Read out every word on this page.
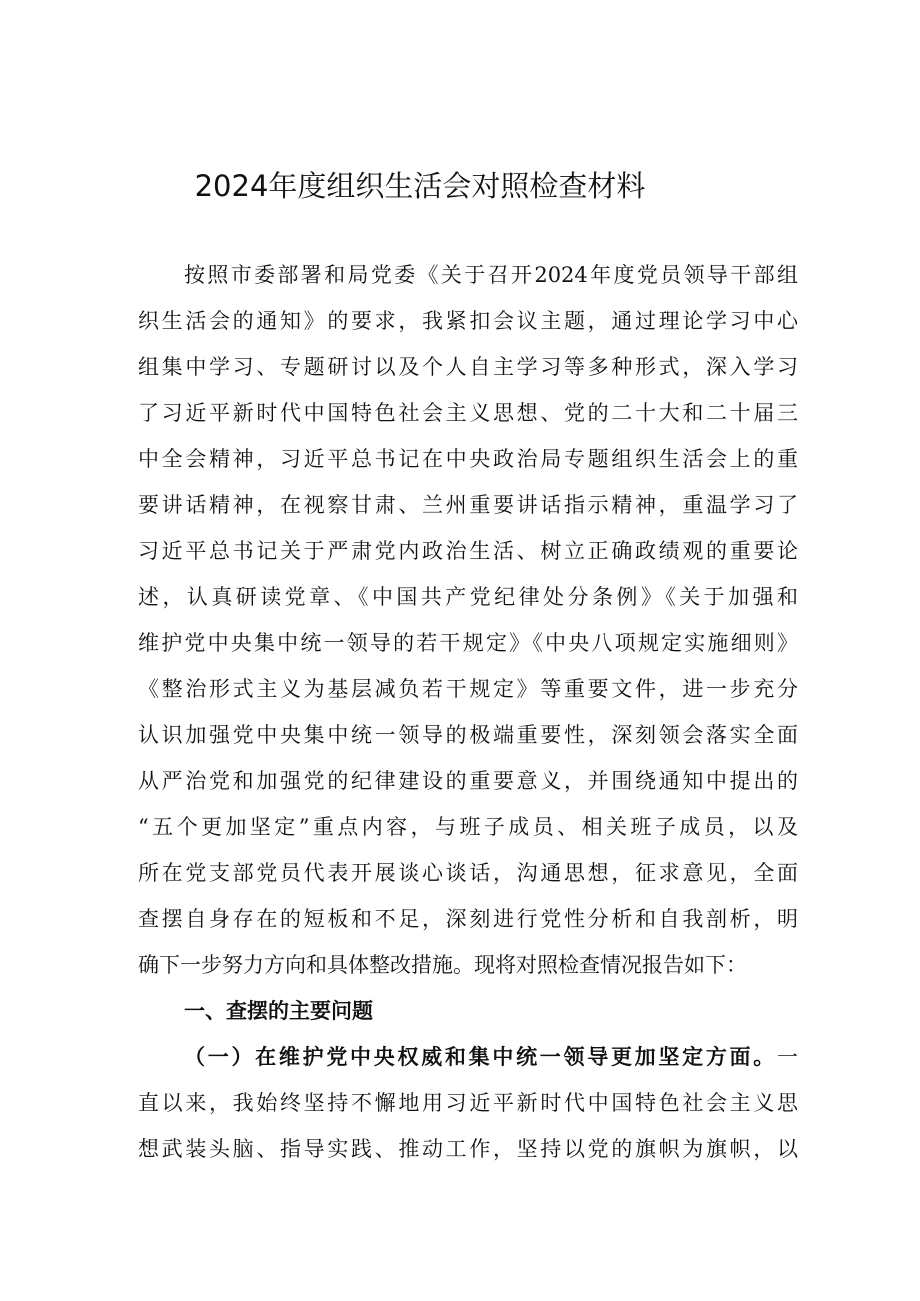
2024年度组织生活会对照检查材料

按照市委部署和局党委《关于召开2024年度党员领导干部组

织生活会的通知》的要求，我紧扣会议主题，通过理论学习中心

组集中学习、专题研讨以及个人自主学习等多种形式，深入学习

了习近平新时代中国特色社会主义思想、党的二十大和二十届三

中全会精神，习近平总书记在中央政治局专题组织生活会上的重

要讲话精神，在视察甘肃、兰州重要讲话指示精神，重温学习了

习近平总书记关于严肃党内政治生活、树立正确政绩观的重要论

述，认真研读党章、《中国共产党纪律处分条例》《关于加强和

维护党中央集中统一领导的若干规定》《中央八项规定实施细则》

《整治形式主义为基层减负若干规定》等重要文件，进一步充分

认识加强党中央集中统一领导的极端重要性，深刻领会落实全面

从严治党和加强党的纪律建设的重要意义，并围绕通知中提出的

“五个更加坚定”重点内容，与班子成员、相关班子成员，以及

所在党支部党员代表开展谈心谈话，沟通思想，征求意见，全面

查摆自身存在的短板和不足，深刻进行党性分析和自我剖析，明

确下一步努力方向和具体整改措施。现将对照检查情况报告如下：

一、查摆的主要问题

（一）在维护党中央权威和集中统一领导更加坚定方面。一

直以来，我始终坚持不懈地用习近平新时代中国特色社会主义思

想武装头脑、指导实践、推动工作，坚持以党的旗帜为旗帜，以
